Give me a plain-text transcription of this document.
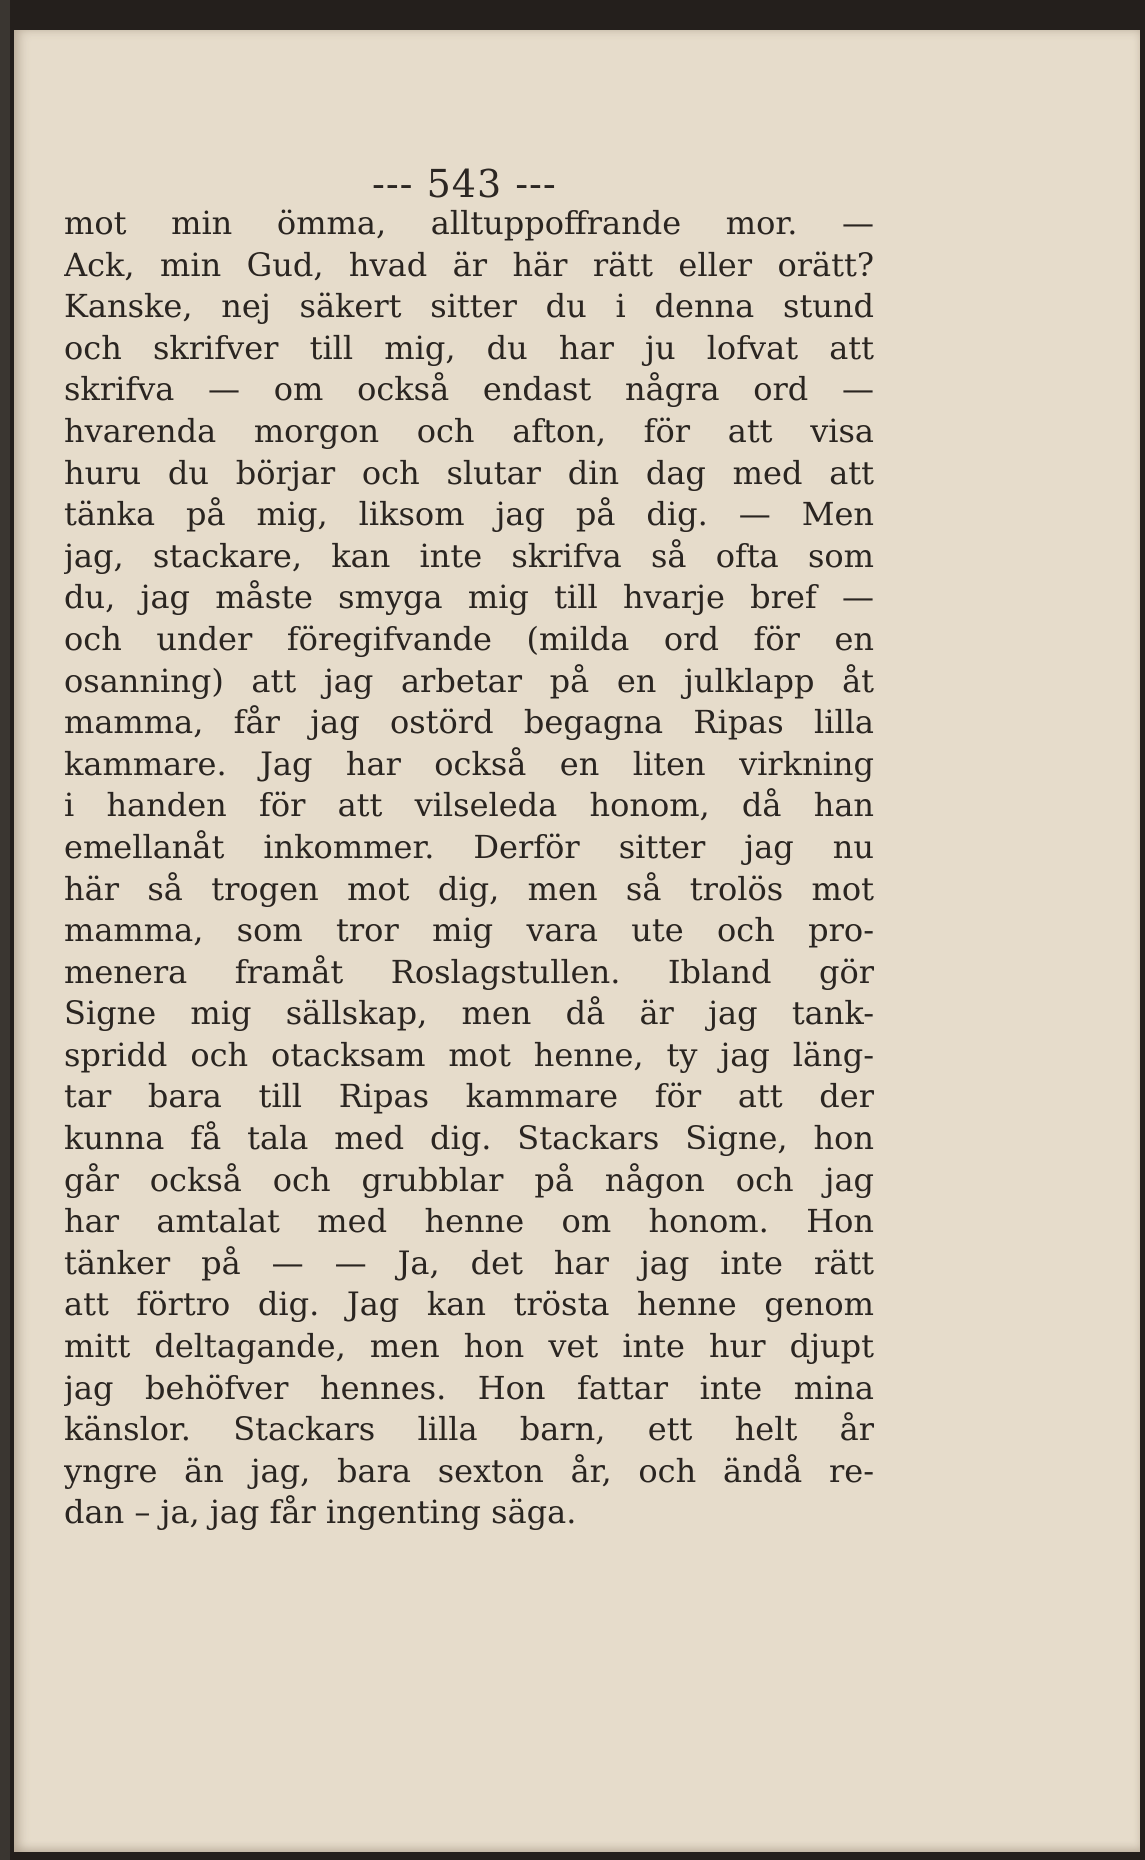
--- 543 ---
mot min ömma, alltuppoffrande mor. —
Ack, min Gud, hvad är här rätt eller orätt?
Kanske, nej säkert sitter du i denna stund
och skrifver till mig, du har ju lofvat att
skrifva — om också endast några ord —
hvarenda morgon och afton, för att visa
huru du börjar och slutar din dag med att
tänka på mig, liksom jag på dig. — Men
jag, stackare, kan inte skrifva så ofta som
du, jag måste smyga mig till hvarje bref —
och under föregifvande (milda ord för en
osanning) att jag arbetar på en julklapp åt
mamma, får jag ostörd begagna Ripas lilla
kammare. Jag har också en liten virkning
i handen för att vilseleda honom, då han
emellanåt inkommer. Derför sitter jag nu
här så trogen mot dig, men så trolös mot
mamma, som tror mig vara ute och pro-
menera framåt Roslagstullen. Ibland gör
Signe mig sällskap, men då är jag tank-
spridd och otacksam mot henne, ty jag läng-
tar bara till Ripas kammare för att der
kunna få tala med dig. Stackars Signe, hon
går också och grubblar på någon och jag
har amtalat med henne om honom. Hon
tänker på — — Ja, det har jag inte rätt
att förtro dig. Jag kan trösta henne genom
mitt deltagande, men hon vet inte hur djupt
jag behöfver hennes. Hon fattar inte mina
känslor. Stackars lilla barn, ett helt år
yngre än jag, bara sexton år, och ändå re-
dan – ja, jag får ingenting säga.
